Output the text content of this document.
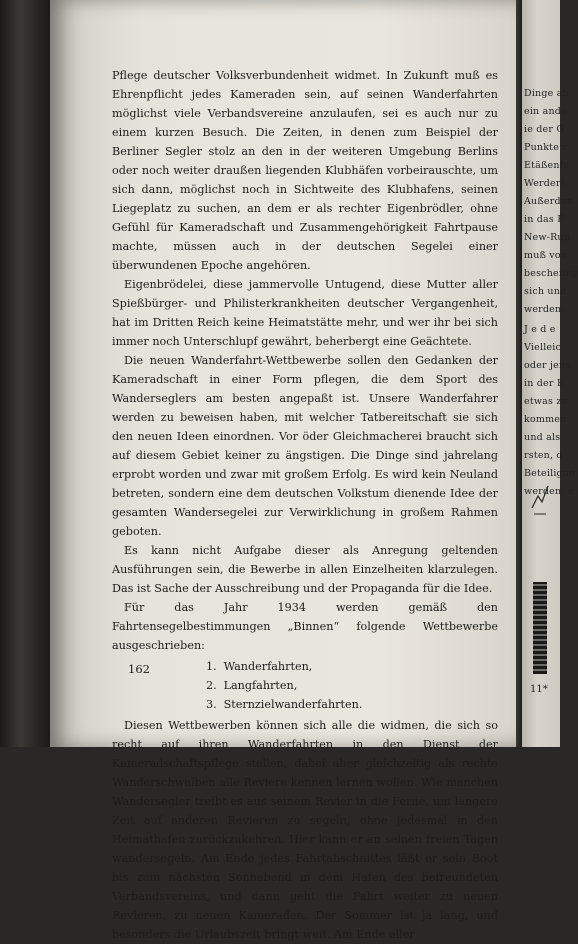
Pflege deutscher Volksverbundenheit widmet. In Zukunft muß es Ehrenpflicht jedes Kameraden sein, auf seinen Wanderfahrten möglichst viele Verbandsvereine anzulaufen, sei es auch nur zu einem kurzen Besuch. Die Zeiten, in denen zum Beispiel der Berliner Segler stolz an den in der weiteren Umgebung Berlins oder noch weiter draußen liegenden Klubhäfen vorbeirauschte, um sich dann, möglichst noch in Sichtweite des Klubhafens, seinen Liegeplatz zu suchen, an dem er als rechter Eigenbrödler, ohne Gefühl für Kameradschaft und Zusammengehörigkeit Fahrtpause machte, müssen auch in der deutschen Segelei einer überwundenen Epoche angehören.

Eigenbrödelei, diese jammervolle Untugend, diese Mutter aller Spießbürger- und Philisterkrankheiten deutscher Vergangenheit, hat im Dritten Reich keine Heimatstätte mehr, und wer ihr bei sich immer noch Unterschlupf gewährt, beherbergt eine Geächtete.

Die neuen Wanderfahrt-Wettbewerbe sollen den Gedanken der Kameradschaft in einer Form pflegen, die dem Sport des Wanderseglers am besten angepaßt ist. Unsere Wanderfahrer werden zu beweisen haben, mit welcher Tatbereitschaft sie sich den neuen Ideen einordnen. Vor öder Gleichmacherei braucht sich auf diesem Gebiet keiner zu ängstigen. Die Dinge sind jahrelang erprobt worden und zwar mit großem Erfolg. Es wird kein Neuland betreten, sondern eine dem deutschen Volkstum dienende Idee der gesamten Wandersegelei zur Verwirklichung in großem Rahmen geboten.

Es kann nicht Aufgabe dieser als Anregung geltenden Ausführungen sein, die Bewerbe in allen Einzelheiten klarzulegen. Das ist Sache der Ausschreibung und der Propaganda für die Idee.

Für das Jahr 1934 werden gemäß den Fahrtensegelbestimmungen „Binnen“ folgende Wettbewerbe ausgeschrieben:

1. Wanderfahrten,
2. Langfahrten,
3. Sternzielwanderfahrten.

Diesen Wettbewerben können sich alle die widmen, die sich so recht auf ihren Wanderfahrten in den Dienst der Kameradschaftspflege stellen, dabei aber gleichzeitig als rechte Wanderschwalben alle Reviere kennen lernen wollen. Wie manchen Wandersegler treibt es aus seinem Revier in die Ferne, um längere Zeit auf anderen Revieren zu segeln, ohne jedesmal in den Heimathafen zurückzukehren. Hier kann er an seinen freien Tagen wandersegeln. Am Ende jedes Fahrtabschnittes läßt er sein Boot bis zum nächsten Sonnabend in dem Hafen des befreundeten Verbandsvereins, und dann geht die Fahrt weiter zu neuen Revieren, zu neuen Kameraden. Der Sommer ist ja lang, und besonders die Urlaubszeit bringt weit. Am Ende aller

162
Dinge ab
ein ande
ie der G
Punkte r
Etäßenfe
Werder),
Außerden
in das F
New-Rup
muß von
bescheinig
sich und
werden.
J e d e
Vielleic
oder jene
in der E
etwas zu
kommen
und als
rsten, d
Beteiligun
werden, d
11*
